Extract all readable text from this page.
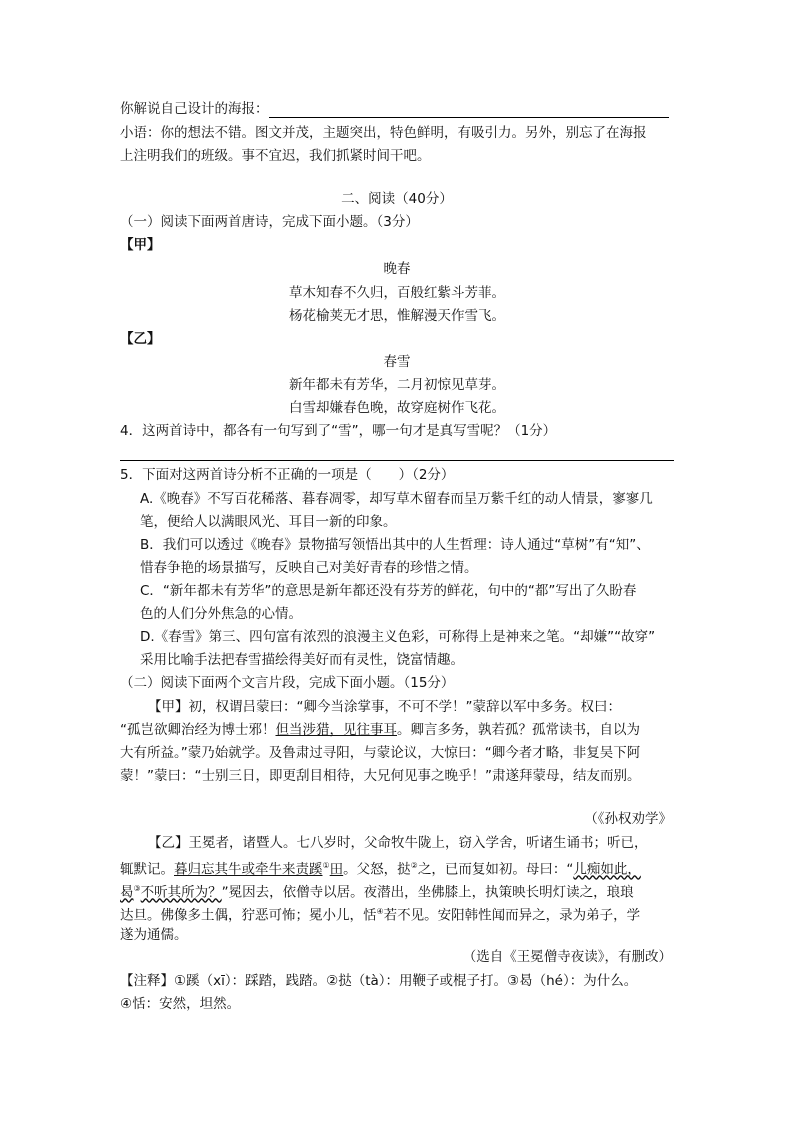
你解说自己设计的海报：
小语：你的想法不错。图文并茂，主题突出，特色鲜明，有吸引力。另外，别忘了在海报
上注明我们的班级。事不宜迟，我们抓紧时间干吧。
二、阅读（40分）
（一）阅读下面两首唐诗，完成下面小题。（3分）
【甲】
晚春
草木知春不久归，百般红紫斗芳菲。
杨花榆荚无才思，惟解漫天作雪飞。
【乙】
春雪
新年都未有芳华，二月初惊见草芽。
白雪却嫌春色晚，故穿庭树作飞花。
4．这两首诗中，都各有一句写到了“雪”，哪一句才是真写雪呢？（1分）
5．下面对这两首诗分析不正确的一项是（　　）（2分）
A.《晚春》不写百花稀落、暮春凋零，却写草木留春而呈万紫千红的动人情景，寥寥几
笔，便给人以满眼风光、耳目一新的印象。
B．我们可以透过《晚春》景物描写领悟出其中的人生哲理：诗人通过“草树”有“知”、
惜春争艳的场景描写，反映自己对美好青春的珍惜之情。
C．“新年都未有芳华”的意思是新年都还没有芬芳的鲜花，句中的“都”写出了久盼春
色的人们分外焦急的心情。
D.《春雪》第三、四句富有浓烈的浪漫主义色彩，可称得上是神来之笔。“却嫌”“故穿”
采用比喻手法把春雪描绘得美好而有灵性，饶富情趣。
（二）阅读下面两个文言片段，完成下面小题。（15分）
【甲】初，权谓吕蒙曰：“卿今当涂掌事，不可不学！”蒙辞以军中多务。权曰：
“孤岂欲卿治经为博士邪！但当涉猎，见往事耳。卿言多务，孰若孤？孤常读书，自以为
大有所益。”蒙乃始就学。及鲁肃过寻阳，与蒙论议，大惊曰：“卿今者才略，非复吴下阿
蒙！”蒙曰：“士别三日，即更刮目相待，大兄何见事之晚乎！”肃遂拜蒙母，结友而别。
（《孙权劝学》
【乙】王冕者，诸暨人。七八岁时，父命牧牛陇上，窃入学舍，听诸生诵书；听已，
辄默记。暮归忘其牛或牵牛来责蹊①田。父怒，挞②之，已而复如初。母曰：“儿痴如此，
曷③不听其所为？”冕因去，依僧寺以居。夜潜出，坐佛膝上，执策映长明灯读之，琅琅
达旦。佛像多土偶，狞恶可怖；冕小儿，恬④若不见。安阳韩性闻而异之，录为弟子，学
遂为通儒。
（选自《王冕僧寺夜读》，有删改）
【注释】①蹊（xī）：踩踏，践踏。②挞（tà）：用鞭子或棍子打。③曷（hé）：为什么。
④恬：安然，坦然。
